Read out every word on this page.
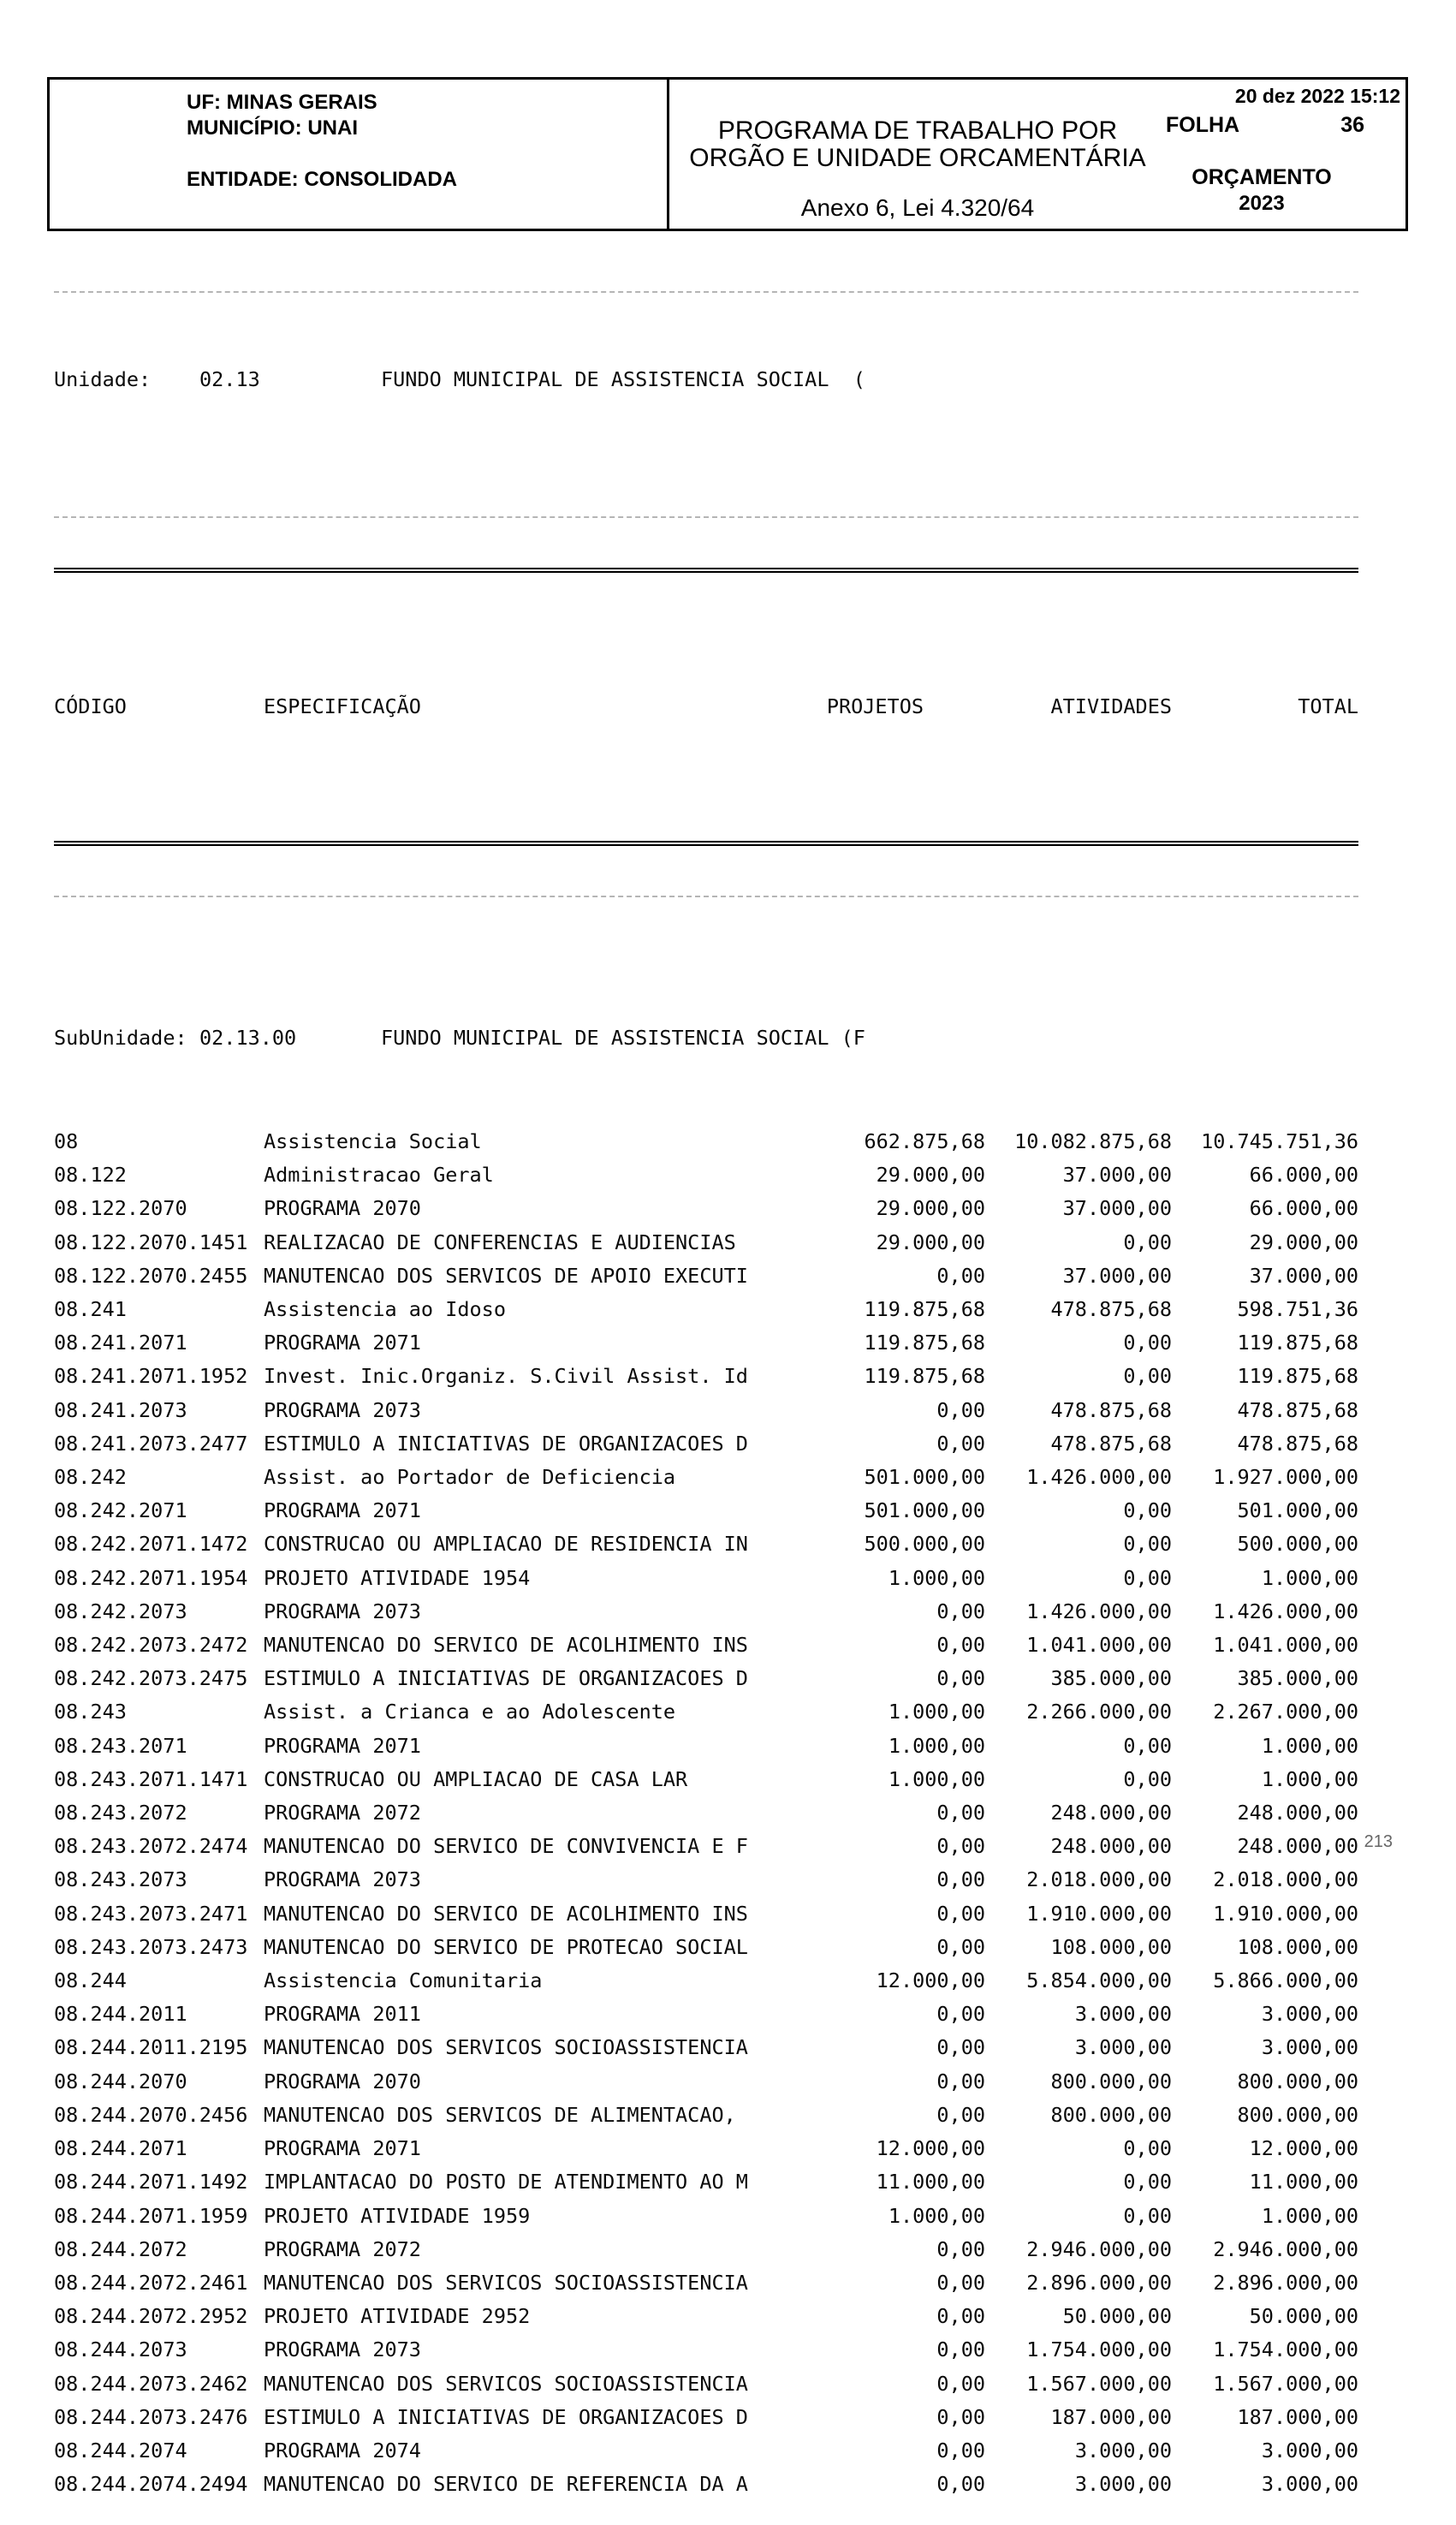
UF: MINAS GERAIS
MUNICÍPIO: UNAI
ENTIDADE: CONSOLIDADA
PROGRAMA DE TRABALHO POR
ORGÃO E UNIDADE ORCAMENTÁRIA
Anexo 6, Lei 4.320/64
20 dez 2022 15:12
FOLHA	36
ORÇAMENTO
2023

Unidade:	02.13	FUNDO MUNICIPAL DE ASSISTENCIA SOCIAL  (

CÓDIGO	ESPECIFICAÇÃO	PROJETOS	ATIVIDADES	TOTAL

SubUnidade: 02.13.00	FUNDO MUNICIPAL DE ASSISTENCIA SOCIAL (F

08	Assistencia Social	662.875,68	10.082.875,68	10.745.751,36
08.122	Administracao Geral	29.000,00	37.000,00	66.000,00
08.122.2070	PROGRAMA 2070	29.000,00	37.000,00	66.000,00
08.122.2070.1451 REALIZACAO DE CONFERENCIAS E AUDIENCIAS	29.000,00	0,00	29.000,00
08.122.2070.2455 MANUTENCAO DOS SERVICOS DE APOIO EXECUTI	0,00	37.000,00	37.000,00
08.241	Assistencia ao Idoso	119.875,68	478.875,68	598.751,36
08.241.2071	PROGRAMA 2071	119.875,68	0,00	119.875,68
08.241.2071.1952 Invest. Inic.Organiz. S.Civil Assist. Id	119.875,68	0,00	119.875,68
08.241.2073	PROGRAMA 2073	0,00	478.875,68	478.875,68
08.241.2073.2477 ESTIMULO A INICIATIVAS DE ORGANIZACOES D	0,00	478.875,68	478.875,68
08.242	Assist. ao Portador de Deficiencia	501.000,00	1.426.000,00	1.927.000,00
08.242.2071	PROGRAMA 2071	501.000,00	0,00	501.000,00
08.242.2071.1472 CONSTRUCAO OU AMPLIACAO DE RESIDENCIA IN	500.000,00	0,00	500.000,00
08.242.2071.1954 PROJETO ATIVIDADE 1954	1.000,00	0,00	1.000,00
08.242.2073	PROGRAMA 2073	0,00	1.426.000,00	1.426.000,00
08.242.2073.2472 MANUTENCAO DO SERVICO DE ACOLHIMENTO INS	0,00	1.041.000,00	1.041.000,00
08.242.2073.2475 ESTIMULO A INICIATIVAS DE ORGANIZACOES D	0,00	385.000,00	385.000,00
08.243	Assist. a Crianca e ao Adolescente	1.000,00	2.266.000,00	2.267.000,00
08.243.2071	PROGRAMA 2071	1.000,00	0,00	1.000,00
08.243.2071.1471 CONSTRUCAO OU AMPLIACAO DE CASA LAR	1.000,00	0,00	1.000,00
08.243.2072	PROGRAMA 2072	0,00	248.000,00	248.000,00
08.243.2072.2474 MANUTENCAO DO SERVICO DE CONVIVENCIA E F	0,00	248.000,00	248.000,00
08.243.2073	PROGRAMA 2073	0,00	2.018.000,00	2.018.000,00
08.243.2073.2471 MANUTENCAO DO SERVICO DE ACOLHIMENTO INS	0,00	1.910.000,00	1.910.000,00
08.243.2073.2473 MANUTENCAO DO SERVICO DE PROTECAO SOCIAL	0,00	108.000,00	108.000,00
08.244	Assistencia Comunitaria	12.000,00	5.854.000,00	5.866.000,00
08.244.2011	PROGRAMA 2011	0,00	3.000,00	3.000,00
08.244.2011.2195 MANUTENCAO DOS SERVICOS SOCIOASSISTENCIA	0,00	3.000,00	3.000,00
08.244.2070	PROGRAMA 2070	0,00	800.000,00	800.000,00
08.244.2070.2456 MANUTENCAO DOS SERVICOS DE ALIMENTACAO,	0,00	800.000,00	800.000,00
08.244.2071	PROGRAMA 2071	12.000,00	0,00	12.000,00
08.244.2071.1492 IMPLANTACAO DO POSTO DE ATENDIMENTO AO M	11.000,00	0,00	11.000,00
08.244.2071.1959 PROJETO ATIVIDADE 1959	1.000,00	0,00	1.000,00
08.244.2072	PROGRAMA 2072	0,00	2.946.000,00	2.946.000,00
08.244.2072.2461 MANUTENCAO DOS SERVICOS SOCIOASSISTENCIA	0,00	2.896.000,00	2.896.000,00
08.244.2072.2952 PROJETO ATIVIDADE 2952	0,00	50.000,00	50.000,00
08.244.2073	PROGRAMA 2073	0,00	1.754.000,00	1.754.000,00
08.244.2073.2462 MANUTENCAO DOS SERVICOS SOCIOASSISTENCIA	0,00	1.567.000,00	1.567.000,00
08.244.2073.2476 ESTIMULO A INICIATIVAS DE ORGANIZACOES D	0,00	187.000,00	187.000,00
08.244.2074	PROGRAMA 2074	0,00	3.000,00	3.000,00
08.244.2074.2494 MANUTENCAO DO SERVICO DE REFERENCIA DA A	0,00	3.000,00	3.000,00

213
